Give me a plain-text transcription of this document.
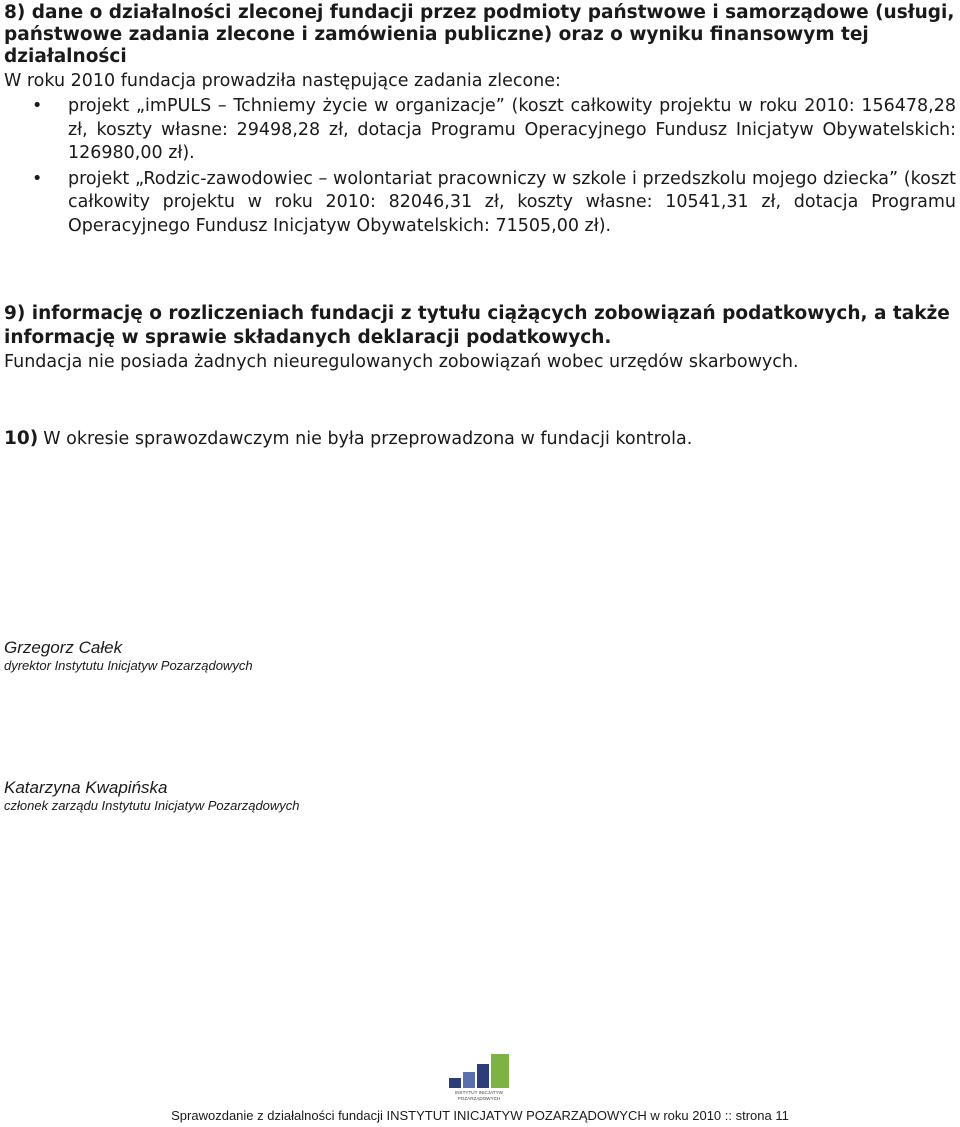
8) dane o działalności zleconej fundacji przez podmioty państwowe i samorządowe (usługi, państwowe zadania zlecone i zamówienia publiczne) oraz o wyniku finansowym tej działalności
W roku 2010 fundacja prowadziła następujące zadania zlecone:
• projekt „imPULS – Tchniemy życie w organizacje” (koszt całkowity projektu w roku 2010: 156478,28 zł, koszty własne: 29498,28 zł, dotacja Programu Operacyjnego Fundusz Inicjatyw Obywatelskich: 126980,00 zł).
• projekt „Rodzic-zawodowiec – wolontariat pracowniczy w szkole i przedszkolu mojego dziecka” (koszt całkowity projektu w roku 2010: 82046,31 zł, koszty własne: 10541,31 zł, dotacja Programu Operacyjnego Fundusz Inicjatyw Obywatelskich: 71505,00 zł).
9) informację o rozliczeniach fundacji z tytułu ciążących zobowiązań podatkowych, a także informację w sprawie składanych deklaracji podatkowych.
Fundacja nie posiada żadnych nieuregulowanych zobowiązań wobec urzędów skarbowych.
10) W okresie sprawozdawczym nie była przeprowadzona w fundacji kontrola.
Grzegorz Całek
dyrektor Instytutu Inicjatyw Pozarządowych
Katarzyna Kwapińska
członek zarządu Instytutu Inicjatyw Pozarządowych
INSTYTUT INICJATYW
POZARZĄDOWYCH
Sprawozdanie z działalności fundacji INSTYTUT INICJATYW POZARZĄDOWYCH w roku 2010 :: strona 11
